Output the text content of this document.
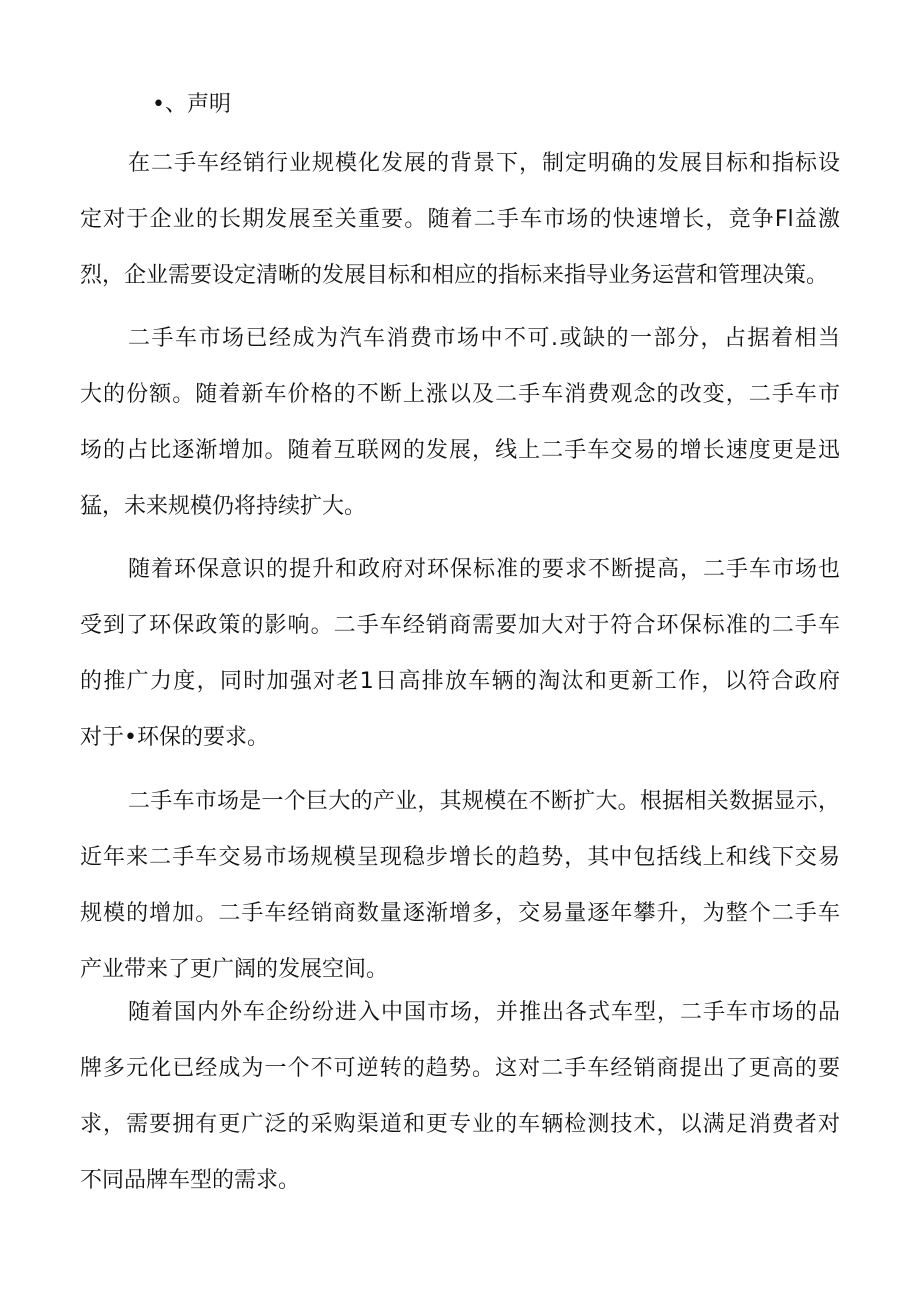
•、声明
在二手车经销行业规模化发展的背景下，制定明确的发展目标和指标设
定对于企业的长期发展至关重要。随着二手车市场的快速增长，竞争Fl益激
烈，企业需要设定清晰的发展目标和相应的指标来指导业务运营和管理决策。
二手车市场已经成为汽车消费市场中不可.或缺的一部分，占据着相当
大的份额。随着新车价格的不断上涨以及二手车消费观念的改变，二手车市
场的占比逐渐增加。随着互联网的发展，线上二手车交易的增长速度更是迅
猛，未来规模仍将持续扩大。
随着环保意识的提升和政府对环保标准的要求不断提高，二手车市场也
受到了环保政策的影响。二手车经销商需要加大对于符合环保标准的二手车
的推广力度，同时加强对老1日高排放车辆的淘汰和更新工作，以符合政府
对于•环保的要求。
二手车市场是一个巨大的产业，其规模在不断扩大。根据相关数据显示，
近年来二手车交易市场规模呈现稳步增长的趋势，其中包括线上和线下交易
规模的增加。二手车经销商数量逐渐增多，交易量逐年攀升，为整个二手车
产业带来了更广阔的发展空间。
随着国内外车企纷纷进入中国市场，并推出各式车型，二手车市场的品
牌多元化已经成为一个不可逆转的趋势。这对二手车经销商提出了更高的要
求，需要拥有更广泛的采购渠道和更专业的车辆检测技术，以满足消费者对
不同品牌车型的需求。
